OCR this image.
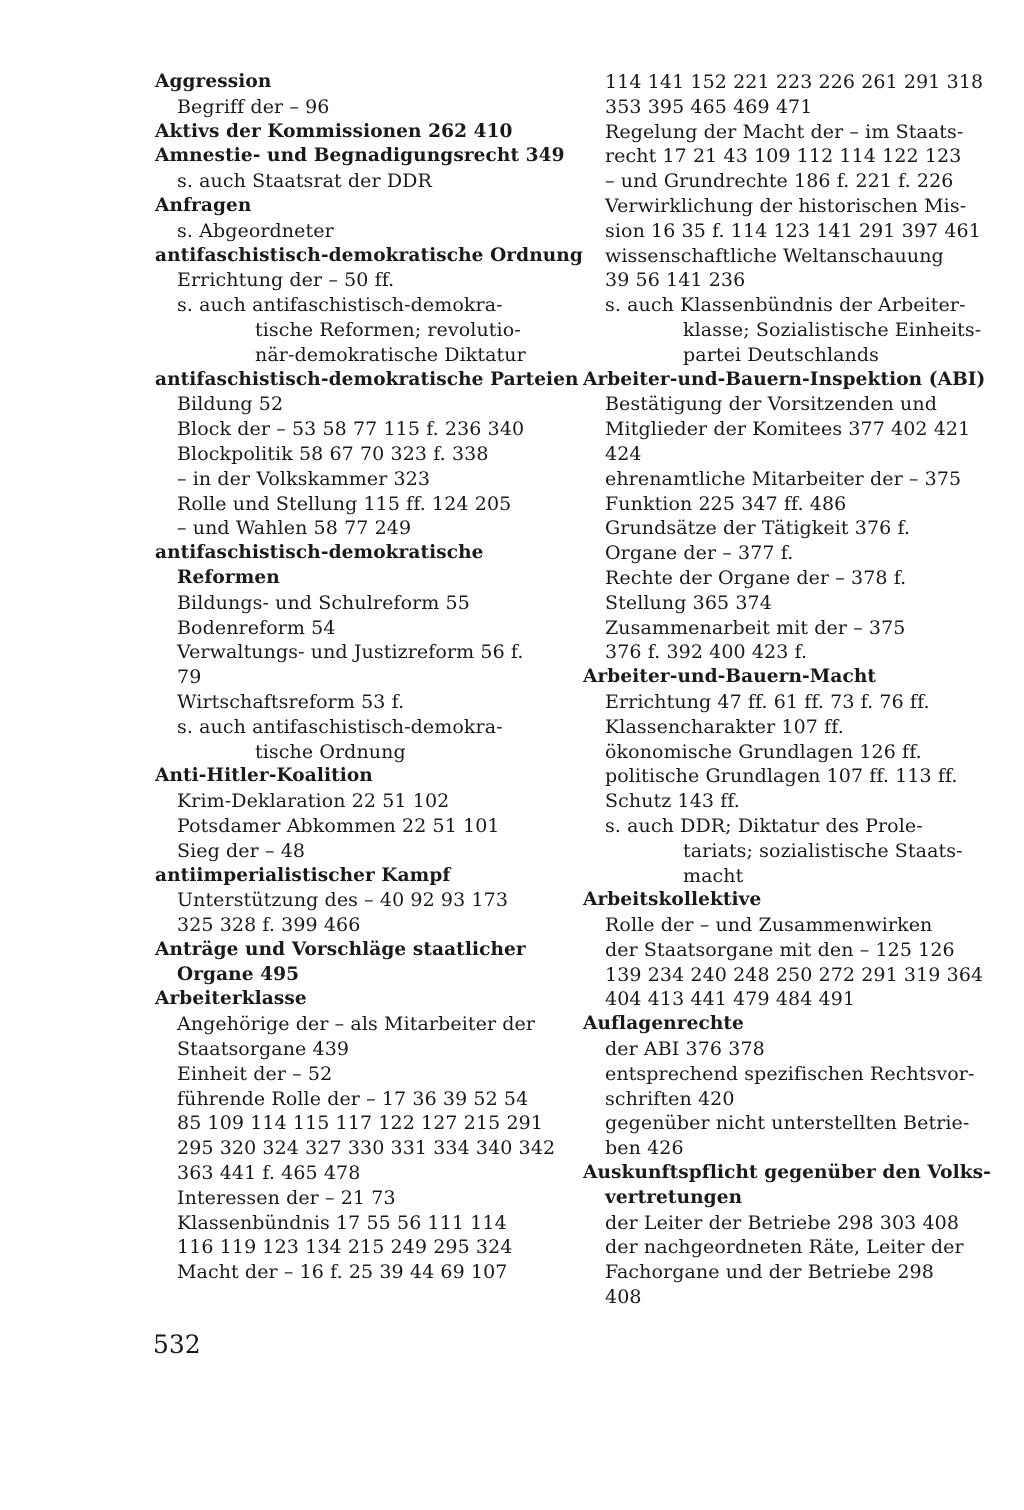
Aggression
Begriff der – 96
Aktivs der Kommissionen 262 410
Amnestie- und Begnadigungsrecht 349
s. auch Staatsrat der DDR
Anfragen
s. Abgeordneter
antifaschistisch-demokratische Ordnung
Errichtung der – 50 ff.
s. auch antifaschistisch-demokra-
tische Reformen; revolutio-
när-demokratische Diktatur
antifaschistisch-demokratische Parteien
Bildung 52
Block der – 53 58 77 115 f. 236 340
Blockpolitik 58 67 70 323 f. 338
– in der Volkskammer 323
Rolle und Stellung 115 ff. 124 205
– und Wahlen 58 77 249
antifaschistisch-demokratische
Reformen
Bildungs- und Schulreform 55
Bodenreform 54
Verwaltungs- und Justizreform 56 f.
79
Wirtschaftsreform 53 f.
s. auch antifaschistisch-demokra-
tische Ordnung
Anti-Hitler-Koalition
Krim-Deklaration 22 51 102
Potsdamer Abkommen 22 51 101
Sieg der – 48
antiimperialistischer Kampf
Unterstützung des – 40 92 93 173
325 328 f. 399 466
Anträge und Vorschläge staatlicher
Organe 495
Arbeiterklasse
Angehörige der – als Mitarbeiter der
Staatsorgane 439
Einheit der – 52
führende Rolle der – 17 36 39 52 54
85 109 114 115 117 122 127 215 291
295 320 324 327 330 331 334 340 342
363 441 f. 465 478
Interessen der – 21 73
Klassenbündnis 17 55 56 111 114
116 119 123 134 215 249 295 324
Macht der – 16 f. 25 39 44 69 107
114 141 152 221 223 226 261 291 318
353 395 465 469 471
Regelung der Macht der – im Staats-
recht 17 21 43 109 112 114 122 123
– und Grundrechte 186 f. 221 f. 226
Verwirklichung der historischen Mis-
sion 16 35 f. 114 123 141 291 397 461
wissenschaftliche Weltanschauung
39 56 141 236
s. auch Klassenbündnis der Arbeiter-
klasse; Sozialistische Einheits-
partei Deutschlands
Arbeiter-und-Bauern-Inspektion (ABI)
Bestätigung der Vorsitzenden und
Mitglieder der Komitees 377 402 421
424
ehrenamtliche Mitarbeiter der – 375
Funktion 225 347 ff. 486
Grundsätze der Tätigkeit 376 f.
Organe der – 377 f.
Rechte der Organe der – 378 f.
Stellung 365 374
Zusammenarbeit mit der – 375
376 f. 392 400 423 f.
Arbeiter-und-Bauern-Macht
Errichtung 47 ff. 61 ff. 73 f. 76 ff.
Klassencharakter 107 ff.
ökonomische Grundlagen 126 ff.
politische Grundlagen 107 ff. 113 ff.
Schutz 143 ff.
s. auch DDR; Diktatur des Prole-
tariats; sozialistische Staats-
macht
Arbeitskollektive
Rolle der – und Zusammenwirken
der Staatsorgane mit den – 125 126
139 234 240 248 250 272 291 319 364
404 413 441 479 484 491
Auflagenrechte
der ABI 376 378
entsprechend spezifischen Rechtsvor-
schriften 420
gegenüber nicht unterstellten Betrie-
ben 426
Auskunftspflicht gegenüber den Volks-
vertretungen
der Leiter der Betriebe 298 303 408
der nachgeordneten Räte, Leiter der
Fachorgane und der Betriebe 298
408
532
